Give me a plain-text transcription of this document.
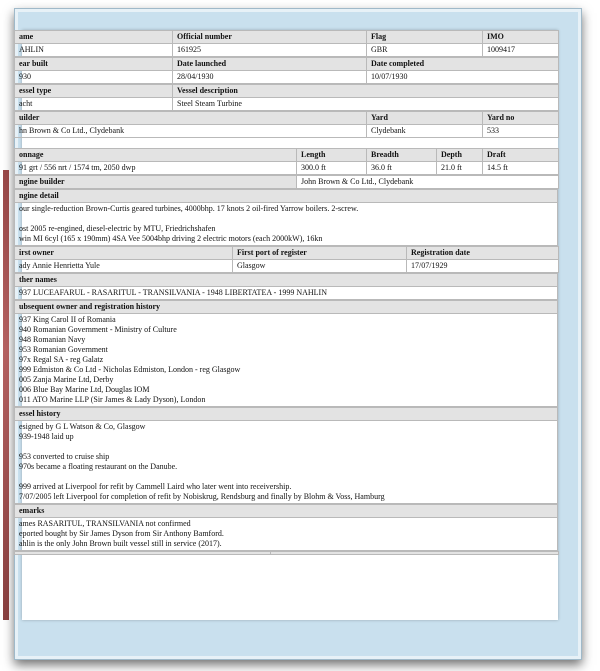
ame	Official number	Flag	IMO
AHLIN	161925	GBR	1009417
ear built	Date launched	Date completed
930	28/04/1930	10/07/1930
essel type	Vessel description
acht	Steel Steam Turbine
uilder	Yard	Yard no
hn Brown & Co Ltd., Clydebank	Clydebank	533
onnage	Length	Breadth	Depth	Draft
91 grt / 556 nrt / 1574 tm, 2050 dwp	300.0 ft	36.0 ft	21.0 ft	14.5 ft
ngine builder	John Brown & Co Ltd., Clydebank
ngine detail

our single-reduction Brown-Curtis geared turbines, 4000bhp. 17 knots 2 oil-fired Yarrow boilers. 2-screw.
ost 2005 re-engined, diesel-electric by MTU, Friedrichshafen
win MI 6cyl (165 x 190mm) 4SA Vee 5004bhp driving 2 electric motors (each 2000kW), 16kn
irst owner	First port of register	Registration date
ady Annie Henrietta Yule	Glasgow	17/07/1929
ther names
937 LUCEAFARUL - RASARITUL - TRANSILVANIA - 1948 LIBERTATEA - 1999 NAHLIN
ubsequent owner and registration history

937 King Carol II of Romania
940 Romanian Government - Ministry of Culture
948 Romanian Navy
953 Romanian Government
97x Regal SA - reg Galatz
999 Edmiston & Co Ltd - Nicholas Edmiston, London - reg Glasgow
005 Zanja Marine Ltd, Derby
006 Blue Bay Marine Ltd, Douglas IOM
011 ATO Marine LLP (Sir James & Lady Dyson), London
essel history

esigned by G L Watson & Co, Glasgow
939-1948 laid up
953 converted to cruise ship
970s became a floating restaurant on the Danube.
999 arrived at Liverpool for refit by Cammell Laird who later went into receivership.
7/07/2005 left Liverpool for completion of refit by Nobiskrug, Rendsburg and finally by Blohm & Voss, Hamburg
emarks

ames RASARITUL, TRANSILVANIA not confirmed
eported bought by Sir James Dyson from Sir Anthony Bamford.
ahlin is the only John Brown built vessel still in service (2017).
